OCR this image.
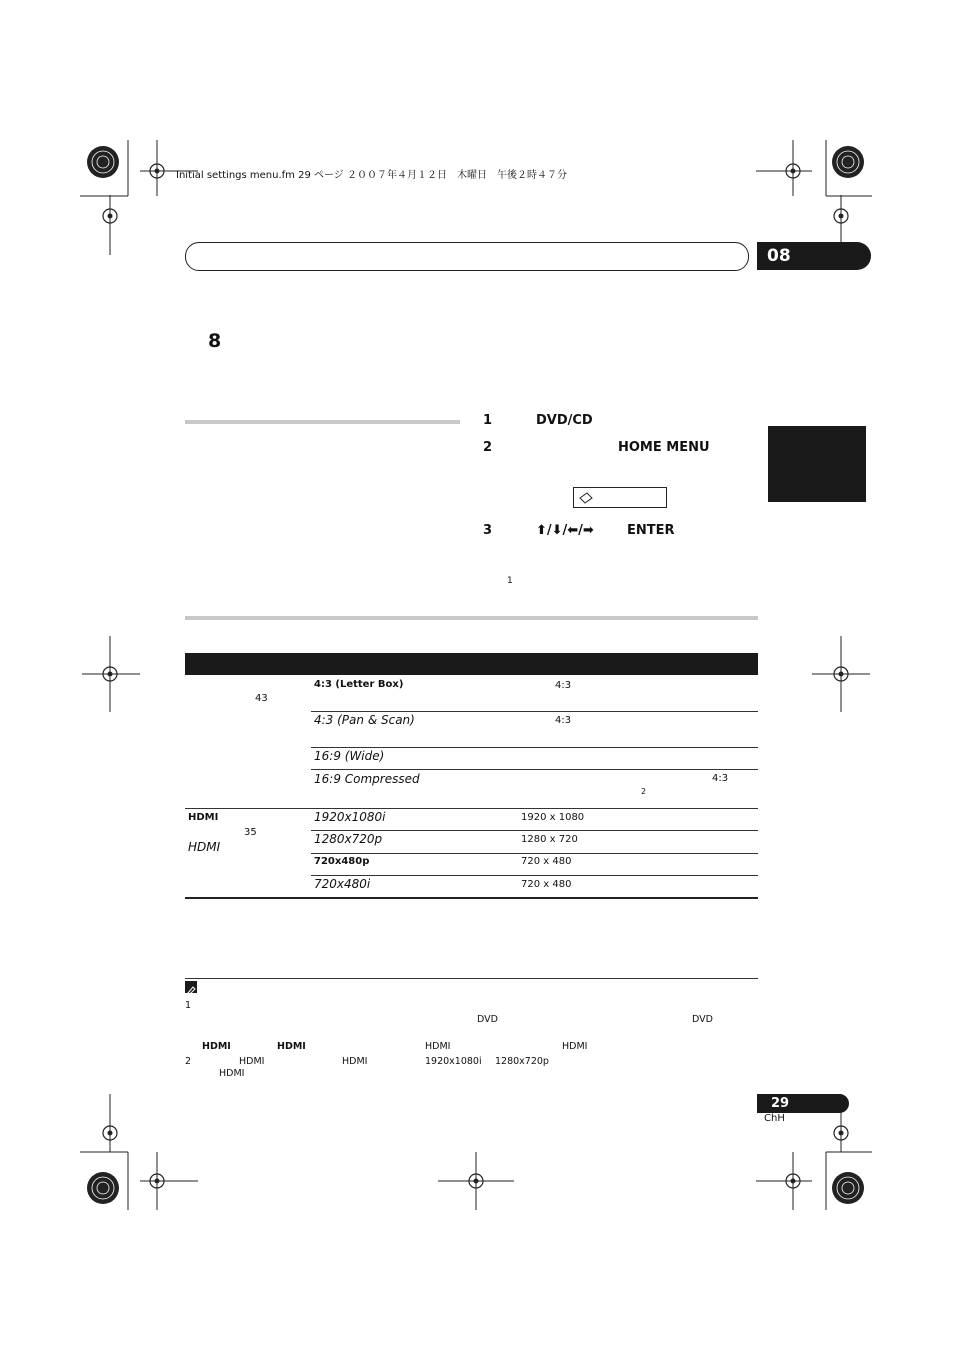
Initial settings menu.fm 29 ページ ２００７年４月１２日　木曜日　午後２時４７分
08
8
1	DVD/CD
2	HOME MENU
3	⬆/⬇/⬅/➡	ENTER
1
4:3 (Letter Box)	4:3
43
4:3 (Pan & Scan)	4:3
16:9 (Wide)
16:9 Compressed	4:3
2
HDMI	1920x1080i	1920 x 1080
35
HDMI
1280x720p	1280 x 720
720x480p	720 x 480
720x480i	720 x 480
1
DVD	DVD
HDMI	HDMI	HDMI	HDMI
2	HDMI	HDMI	1920x1080i 1280x720p
HDMI
29
ChH
